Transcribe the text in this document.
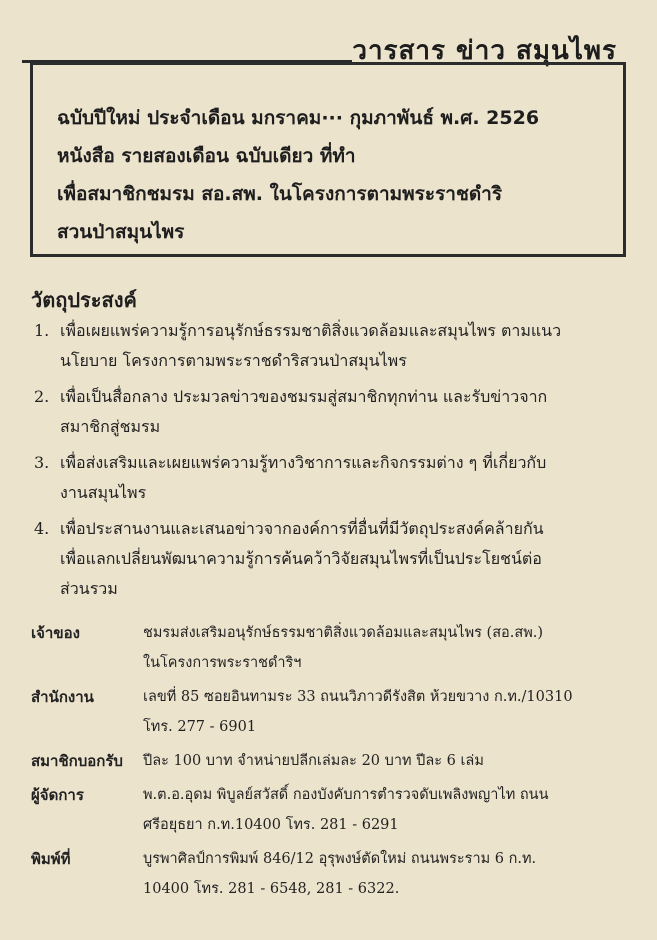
วารสาร ข่าว สมุนไพร
ฉบับปีใหม่ ประจำเดือน มกราคม··· กุมภาพันธ์ พ.ศ. 2526
หนังสือ รายสองเดือน ฉบับเดียว ที่ทำ
เพื่อสมาชิกชมรม สอ.สพ. ในโครงการตามพระราชดำริ
สวนป่าสมุนไพร
วัตถุประสงค์
1. เพื่อเผยแพร่ความรู้การอนุรักษ์ธรรมชาติสิ่งแวดล้อมและสมุนไพร ตามแนว
นโยบาย โครงการตามพระราชดำริสวนป่าสมุนไพร
2. เพื่อเป็นสื่อกลาง ประมวลข่าวของชมรมสู่สมาชิกทุกท่าน และรับข่าวจาก
สมาชิกสู่ชมรม
3. เพื่อส่งเสริมและเผยแพร่ความรู้ทางวิชาการและกิจกรรมต่าง ๆ ที่เกี่ยวกับ
งานสมุนไพร
4. เพื่อประสานงานและเสนอข่าวจากองค์การที่อื่นที่มีวัตถุประสงค์คล้ายกัน
เพื่อแลกเปลี่ยนพัฒนาความรู้การค้นคว้าวิจัยสมุนไพรที่เป็นประโยชน์ต่อ
ส่วนรวม
เจ้าของ	ชมรมส่งเสริมอนุรักษ์ธรรมชาติสิ่งแวดล้อมและสมุนไพร (สอ.สพ.)
ในโครงการพระราชดำริฯ
สำนักงาน	เลขที่ 85 ซอยอินทามระ 33 ถนนวิภาวดีรังสิต ห้วยขวาง ก.ท./10310
โทร. 277 - 6901
สมาชิกบอกรับ ปีละ 100 บาท จำหน่ายปลีกเล่มละ 20 บาท ปีละ 6 เล่ม
ผู้จัดการ	พ.ต.อ.อุดม พิบูลย์สวัสดิ์ กองบังคับการตำรวจดับเพลิงพญาไท ถนน
ศรีอยุธยา ก.ท.10400 โทร. 281 - 6291
พิมพ์ที่	บูรพาศิลป์การพิมพ์ 846/12 อุรุพงษ์ตัดใหม่ ถนนพระราม 6 ก.ท.
10400 โทร. 281 - 6548, 281 - 6322.
